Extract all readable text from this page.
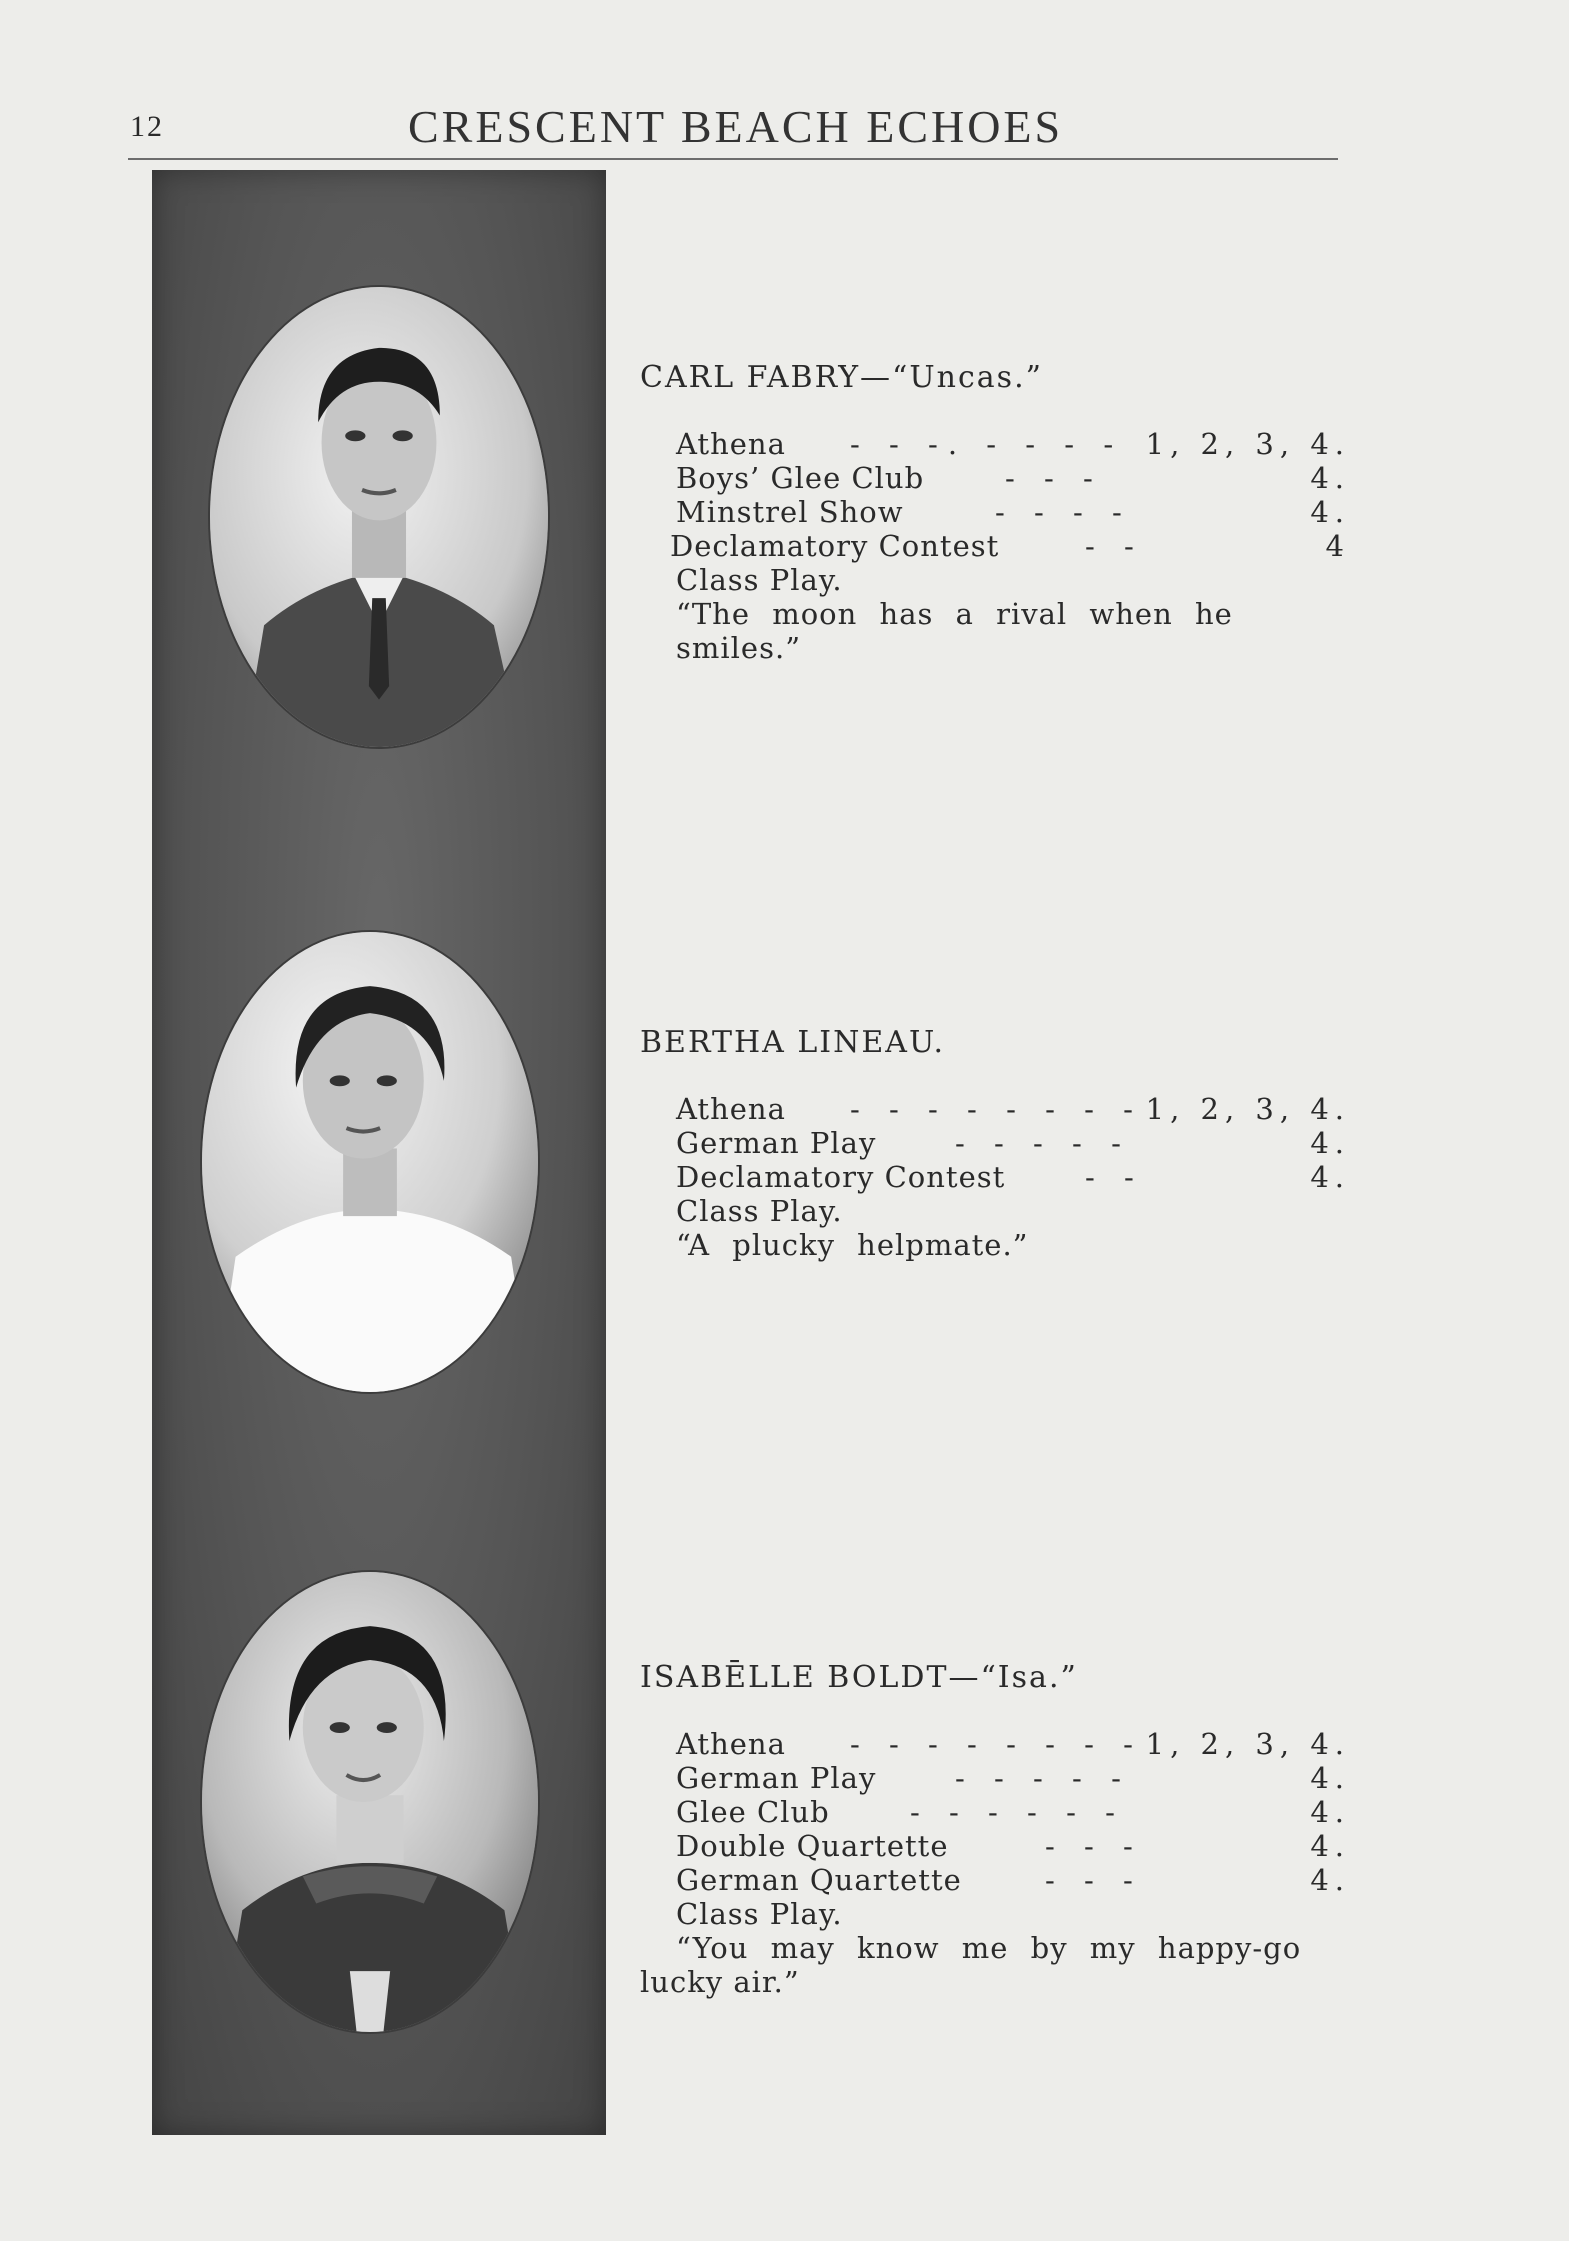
12	CRESCENT BEACH ECHOES
CARL FABRY—“Uncas.”
Athena - - -. - - - - 1, 2, 3, 4.
Boys’ Glee Club	- - -	4.
Minstrel Show	- - - -	4.
Declamatory Contest	- -	4
Class Play.
“The moon has a rival when he smiles.”
BERTHA LINEAU.
Athena - - - - - - - - 1, 2, 3, 4.
German Play	- - - - -	4.
Declamatory Contest	- -	4.
Class Play.
“A plucky helpmate.”
ISABĒLLE BOLDT—“Isa.”
Athena - - - - - - - - 1, 2, 3, 4.
German Play	- - - - -	4.
Glee Club	- - - - - -	4.
Double Quartette	- - -	4.
German Quartette	- - -	4.
Class Play.
“You may know me by my happy-go
lucky air.”
